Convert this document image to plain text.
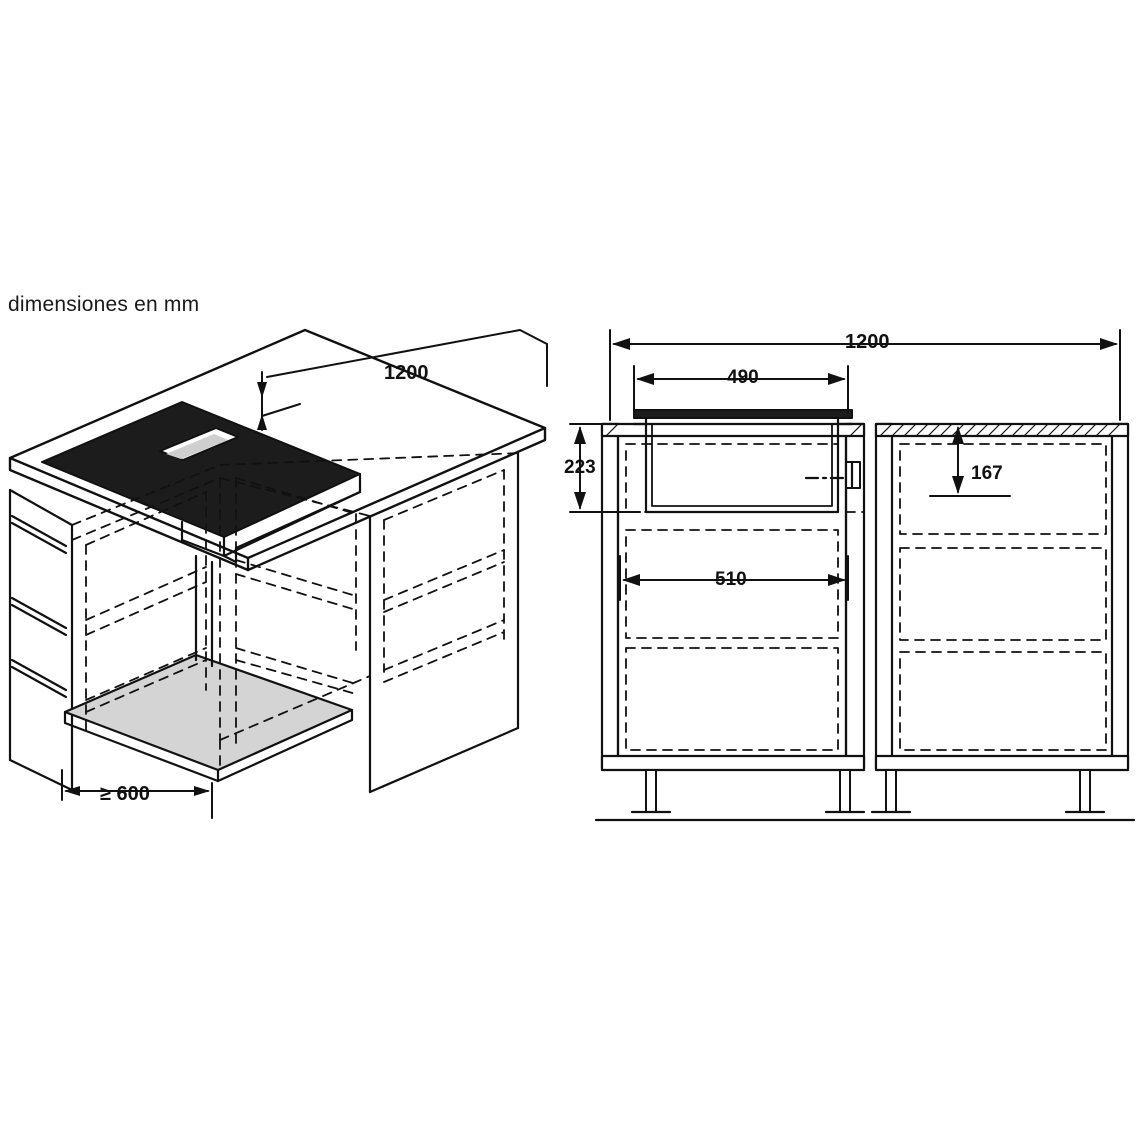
dimensiones en mm
1200
≥ 600
1200
490
223	167
510
